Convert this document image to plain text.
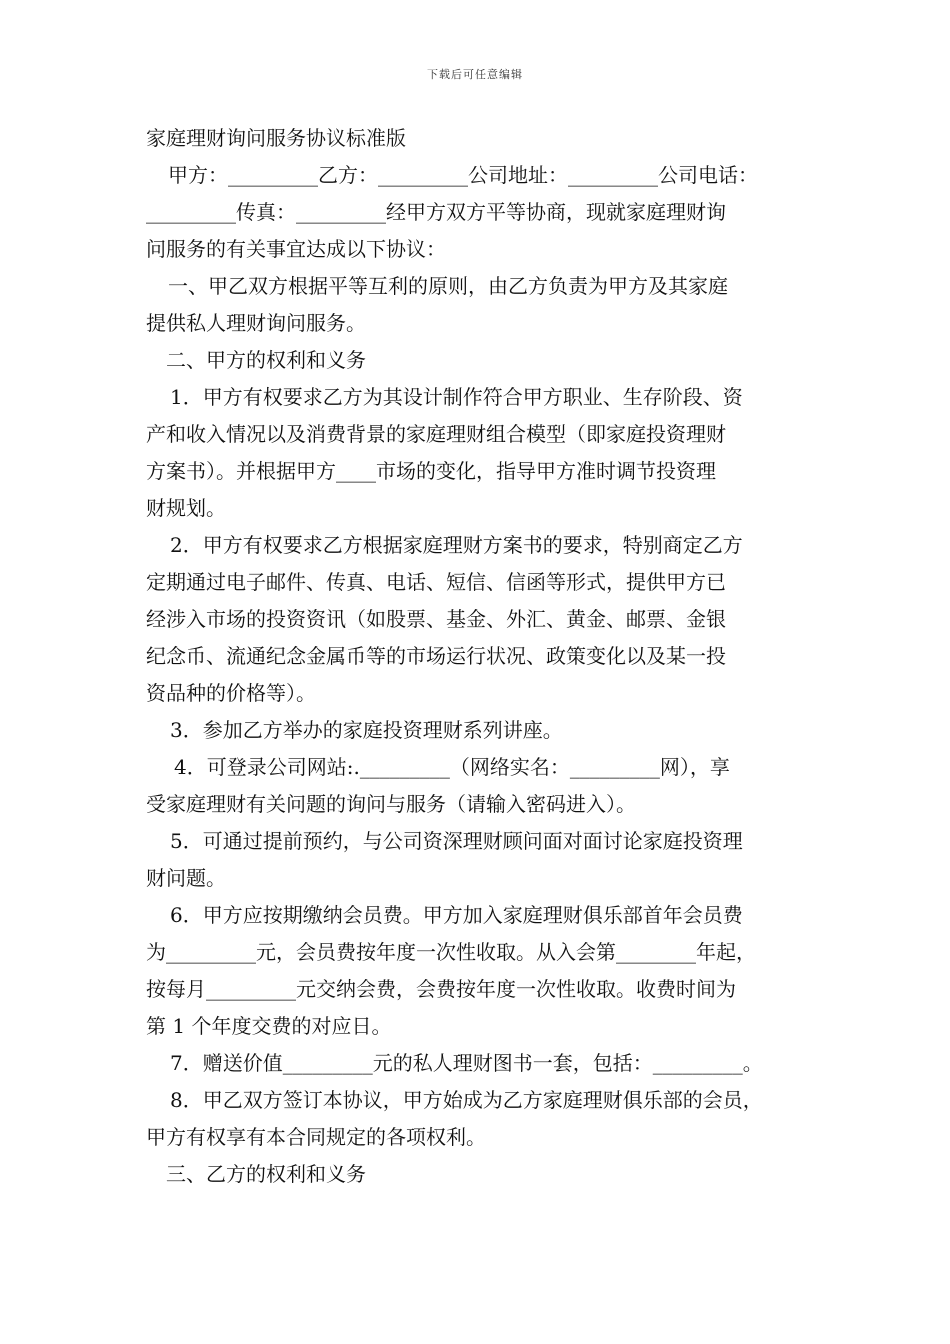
下载后可任意编辑
家庭理财询问服务协议标准版
甲方：_________乙方：_________公司地址：_________公司电话：
_________传真：_________经甲方双方平等协商，现就家庭理财询
问服务的有关事宜达成以下协议：
一、甲乙双方根据平等互利的原则，由乙方负责为甲方及其家庭
提供私人理财询问服务。
二、甲方的权利和义务
1．甲方有权要求乙方为其设计制作符合甲方职业、生存阶段、资
产和收入情况以及消费背景的家庭理财组合模型（即家庭投资理财
方案书）。并根据甲方____市场的变化，指导甲方准时调节投资理
财规划。
2．甲方有权要求乙方根据家庭理财方案书的要求，特别商定乙方
定期通过电子邮件、传真、电话、短信、信函等形式，提供甲方已
经涉入市场的投资资讯（如股票、基金、外汇、黄金、邮票、金银
纪念币、流通纪念金属币等的市场运行状况、政策变化以及某一投
资品种的价格等）。
3．参加乙方举办的家庭投资理财系列讲座。
4．可登录公司网站:._________（网络实名：_________网），享
受家庭理财有关问题的询问与服务（请输入密码进入）。
5．可通过提前预约，与公司资深理财顾问面对面讨论家庭投资理
财问题。
6．甲方应按期缴纳会员费。甲方加入家庭理财俱乐部首年会员费
为_________元，会员费按年度一次性收取。从入会第________年起，
按每月_________元交纳会费，会费按年度一次性收取。收费时间为
第 1 个年度交费的对应日。
7．赠送价值_________元的私人理财图书一套，包括：_________。
8．甲乙双方签订本协议，甲方始成为乙方家庭理财俱乐部的会员，
甲方有权享有本合同规定的各项权利。
三、乙方的权利和义务
